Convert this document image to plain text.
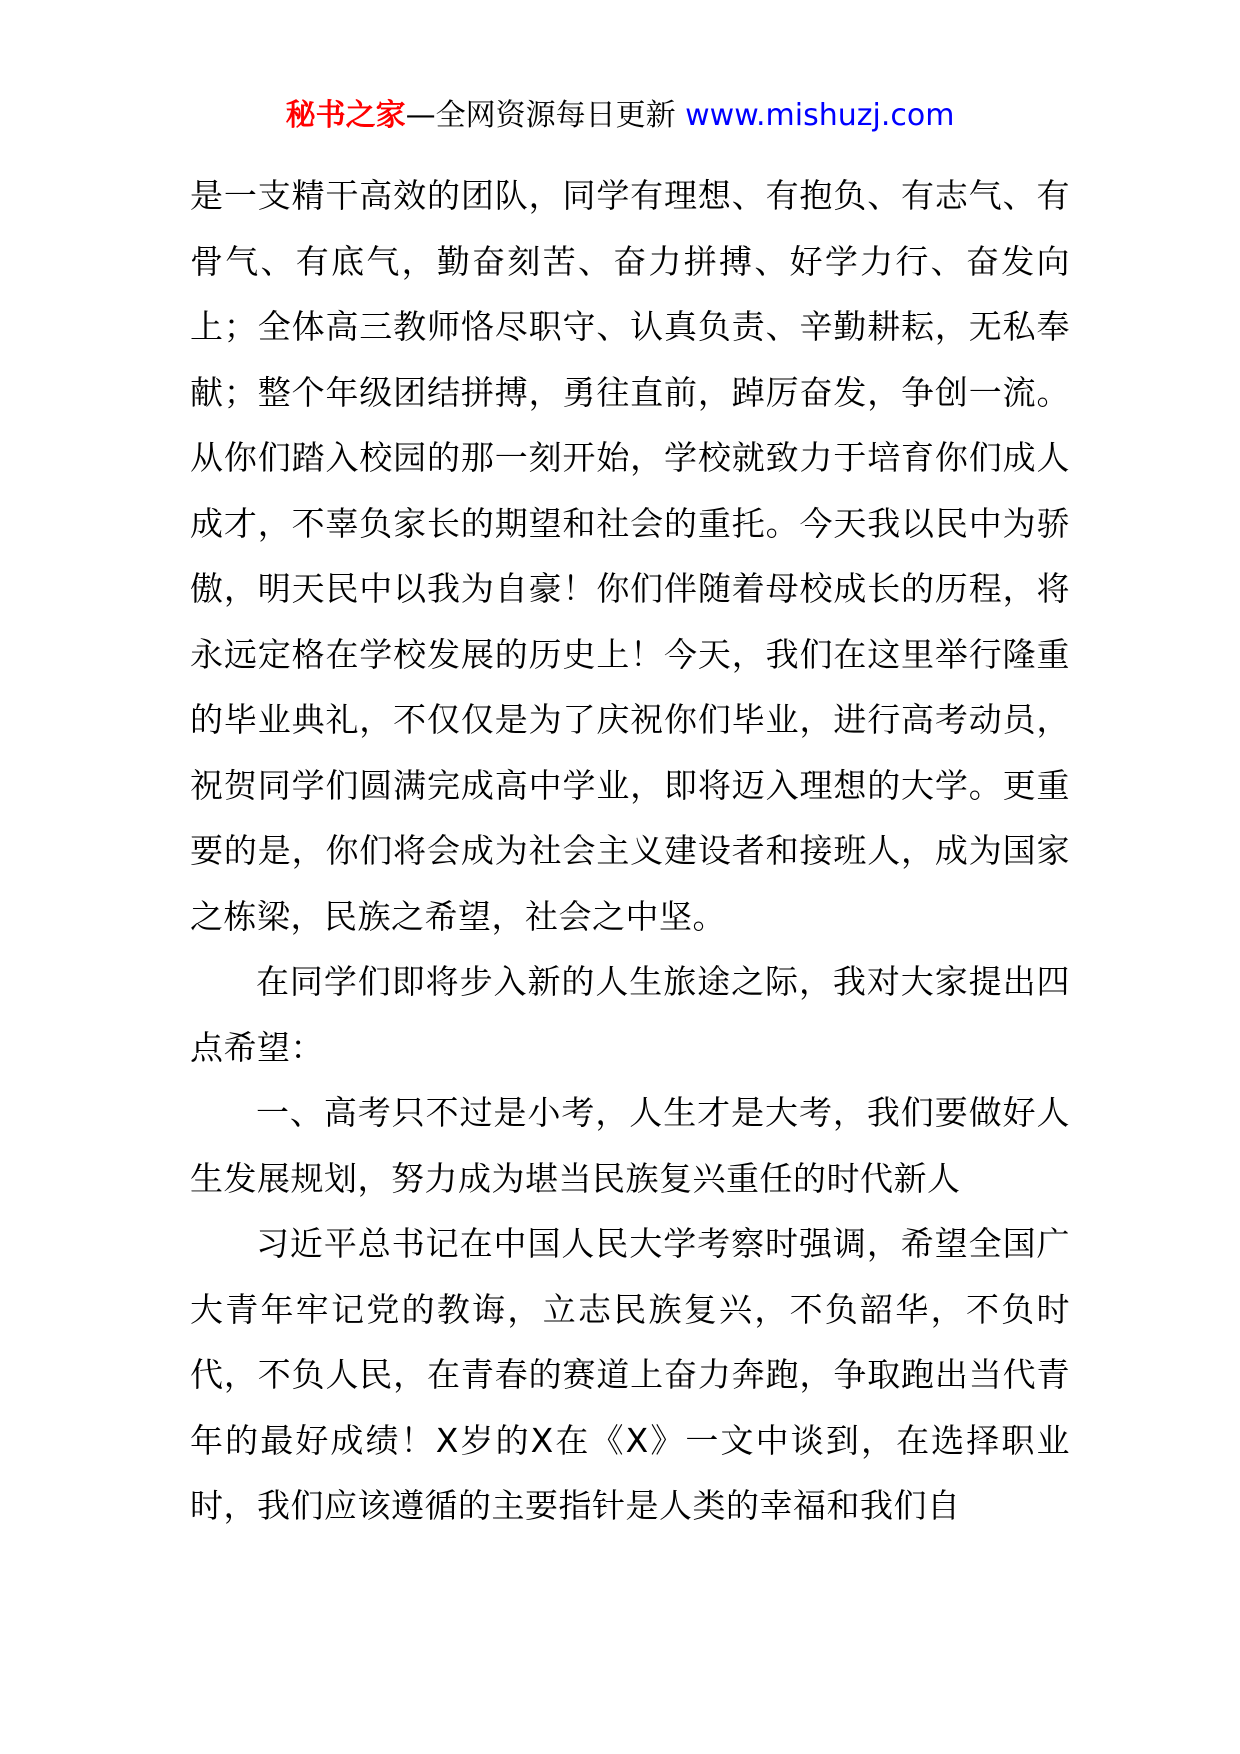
秘书之家—全网资源每日更新 www.mishuzj.com

是一支精干高效的团队，同学有理想、有抱负、有志气、有骨气、有底气，勤奋刻苦、奋力拼搏、好学力行、奋发向上；全体高三教师恪尽职守、认真负责、辛勤耕耘，无私奉献；整个年级团结拼搏，勇往直前，踔厉奋发，争创一流。从你们踏入校园的那一刻开始，学校就致力于培育你们成人成才，不辜负家长的期望和社会的重托。今天我以民中为骄傲，明天民中以我为自豪！你们伴随着母校成长的历程，将永远定格在学校发展的历史上！今天，我们在这里举行隆重的毕业典礼，不仅仅是为了庆祝你们毕业，进行高考动员，祝贺同学们圆满完成高中学业，即将迈入理想的大学。更重要的是，你们将会成为社会主义建设者和接班人，成为国家之栋梁，民族之希望，社会之中坚。

在同学们即将步入新的人生旅途之际，我对大家提出四点希望：

一、高考只不过是小考，人生才是大考，我们要做好人生发展规划，努力成为堪当民族复兴重任的时代新人

习近平总书记在中国人民大学考察时强调，希望全国广大青年牢记党的教诲，立志民族复兴，不负韶华，不负时代，不负人民，在青春的赛道上奋力奔跑，争取跑出当代青年的最好成绩！X岁的X在《X》一文中谈到，在选择职业时，我们应该遵循的主要指针是人类的幸福和我们自
